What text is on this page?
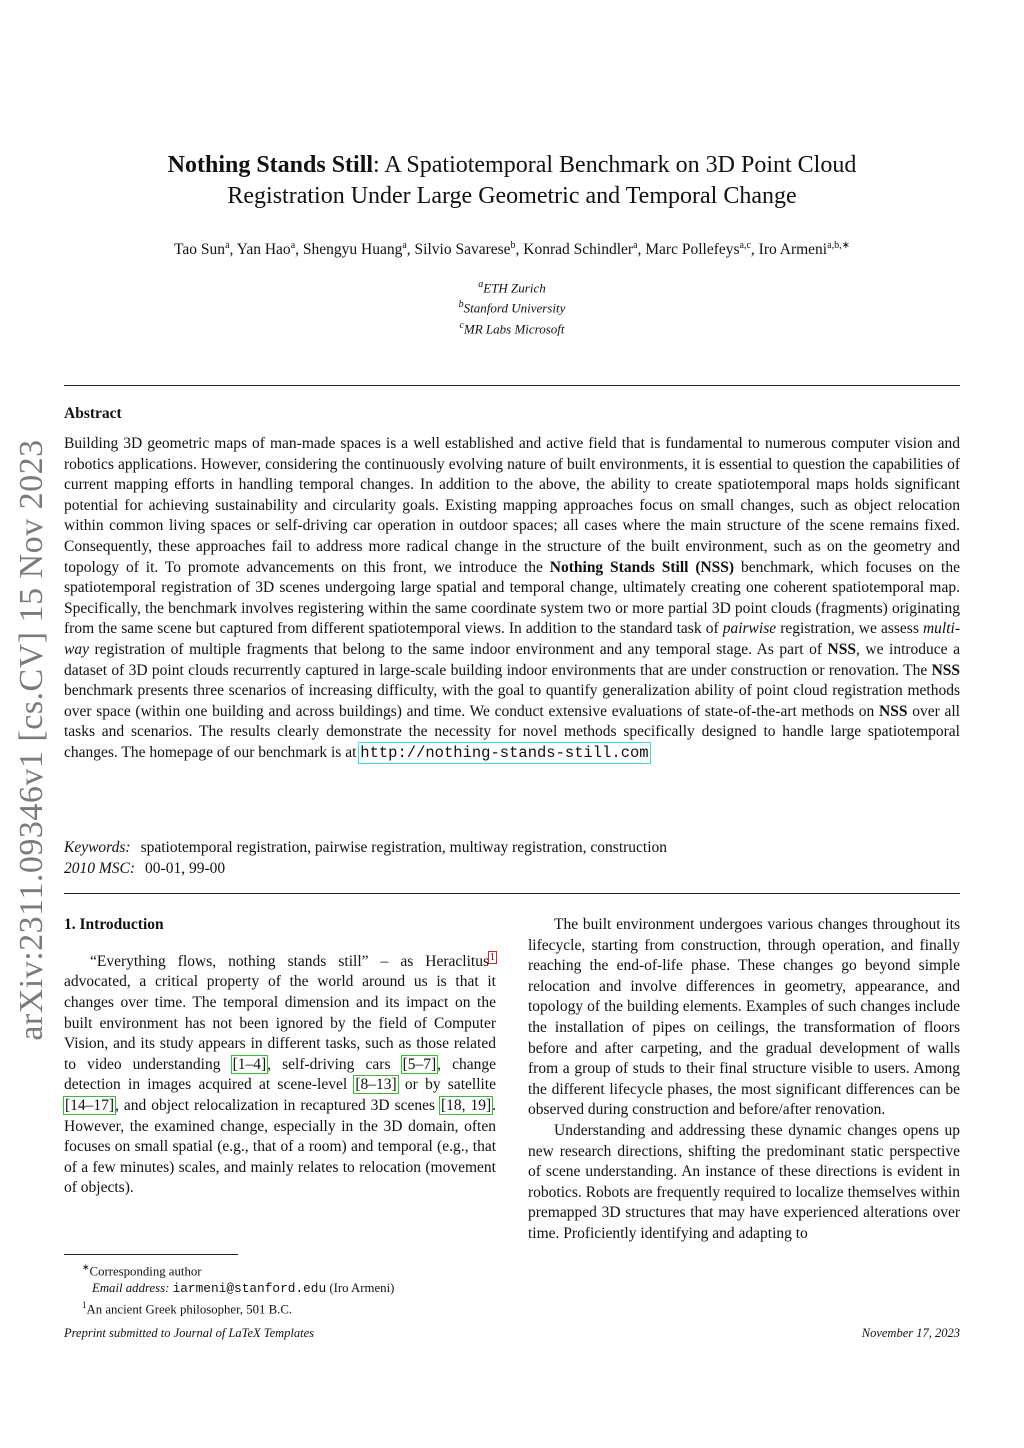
arXiv:2311.09346v1 [cs.CV] 15 Nov 2023
Nothing Stands Still: A Spatiotemporal Benchmark on 3D Point Cloud
Registration Under Large Geometric and Temporal Change
Tao Sun$^a$, Yan Hao$^a$, Shengyu Huang$^a$, Silvio Savarese$^b$, Konrad Schindler$^a$, Marc Pollefeys$^{a,c}$, Iro Armeni$^{a,b,∗}$
$^a$ETH Zurich
$^b$Stanford University
$^c$MR Labs Microsoft
Abstract
Building 3D geometric maps of man-made spaces is a well established and active field that is fundamental to numerous computer vision and robotics applications. However, considering the continuously evolving nature of built environments, it is essential to question the capabilities of current mapping efforts in handling temporal changes. In addition to the above, the ability to create spatiotemporal maps holds significant potential for achieving sustainability and circularity goals. Existing mapping approaches focus on small changes, such as object relocation within common living spaces or self-driving car operation in outdoor spaces; all cases where the main structure of the scene remains fixed. Consequently, these approaches fail to address more radical change in the structure of the built environment, such as on the geometry and topology of it. To promote advancements on this front, we introduce the Nothing Stands Still (NSS) benchmark, which focuses on the spatiotemporal registration of 3D scenes undergoing large spatial and temporal change, ultimately creating one coherent spatiotemporal map. Specifically, the benchmark involves registering within the same coordinate system two or more partial 3D point clouds (fragments) originating from the same scene but captured from different spatiotemporal views. In addition to the standard task of pairwise registration, we assess multi-way registration of multiple fragments that belong to the same indoor environment and any temporal stage. As part of NSS, we introduce a dataset of 3D point clouds recurrently captured in large-scale building indoor environments that are under construction or renovation. The NSS benchmark presents three scenarios of increasing difficulty, with the goal to quantify generalization ability of point cloud registration methods over space (within one building and across buildings) and time. We conduct extensive evaluations of state-of-the-art methods on NSS over all tasks and scenarios. The results clearly demonstrate the necessity for novel methods specifically designed to handle large spatiotemporal changes. The homepage of our benchmark is at http://nothing-stands-still.com
Keywords: spatiotemporal registration, pairwise registration, multiway registration, construction
2010 MSC: 00-01, 99-00

1. Introduction

“Everything flows, nothing stands still” – as Heraclitus$^1$ advocated, a critical property of the world around us is that it changes over time. The temporal dimension and its impact on the built environment has not been ignored by the field of Computer Vision, and its study appears in different tasks, such as those related to video understanding [1–4], self-driving cars [5–7], change detection in images acquired at scene-level [8–13] or by satellite [14–17], and object relocalization in recaptured 3D scenes [18, 19]. However, the examined change, especially in the 3D domain, often focuses on small spatial (e.g., that of a room) and temporal (e.g., that of a few minutes) scales, and mainly relates to relocation (movement of objects).

The built environment undergoes various changes throughout its lifecycle, starting from construction, through operation, and finally reaching the end-of-life phase. These changes go beyond simple relocation and involve differences in geometry, appearance, and topology of the building elements. Examples of such changes include the installation of pipes on ceilings, the transformation of floors before and after carpeting, and the gradual development of walls from a group of studs to their final structure visible to users. Among the different lifecycle phases, the most significant differences can be observed during construction and before/after renovation.

Understanding and addressing these dynamic changes opens up new research directions, shifting the predominant static perspective of scene understanding. An instance of these directions is evident in robotics. Robots are frequently required to localize themselves within premapped 3D structures that may have experienced alterations over time. Proficiently identifying and adapting to

∗Corresponding author
Email address: iarmeni@stanford.edu (Iro Armeni)
$^1$An ancient Greek philosopher, 501 B.C.
Preprint submitted to Journal of LaTeX Templates	November 17, 2023
